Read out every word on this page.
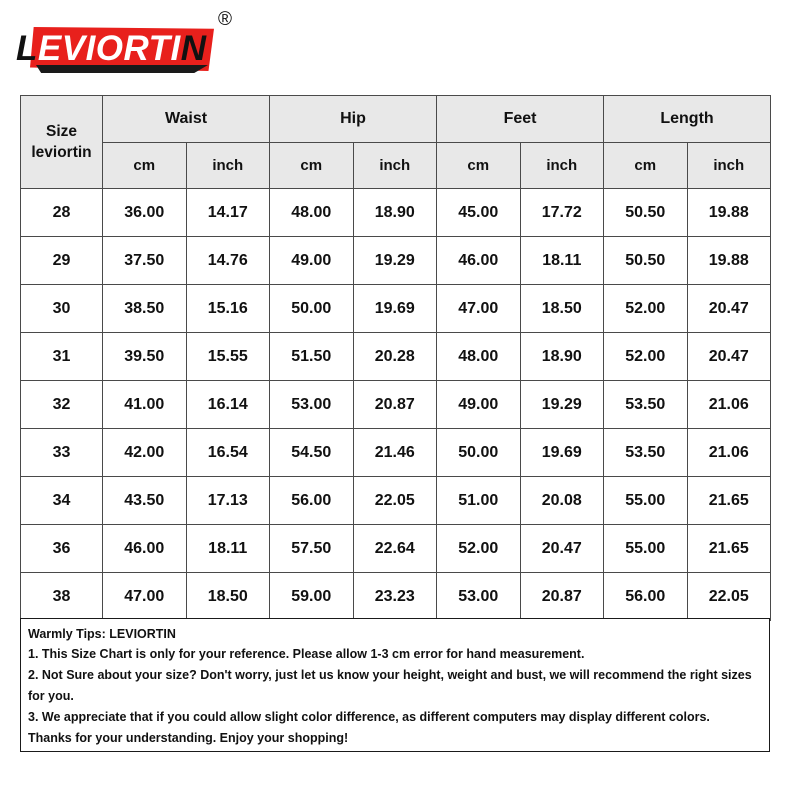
®
LEVIORTIN
Size
leviortin	Waist		Hip		Feet		Length	
	cm	inch	cm	inch	cm	inch	cm	inch
28	36.00	14.17	48.00	18.90	45.00	17.72	50.50	19.88
29	37.50	14.76	49.00	19.29	46.00	18.11	50.50	19.88
30	38.50	15.16	50.00	19.69	47.00	18.50	52.00	20.47
31	39.50	15.55	51.50	20.28	48.00	18.90	52.00	20.47
32	41.00	16.14	53.00	20.87	49.00	19.29	53.50	21.06
33	42.00	16.54	54.50	21.46	50.00	19.69	53.50	21.06
34	43.50	17.13	56.00	22.05	51.00	20.08	55.00	21.65
36	46.00	18.11	57.50	22.64	52.00	20.47	55.00	21.65
38	47.00	18.50	59.00	23.23	53.00	20.87	56.00	22.05
Warmly Tips: LEVIORTIN
1. This Size Chart is only for your reference. Please allow 1-3 cm error for hand measurement.
2. Not Sure about your size? Don't worry, just let us know your height, weight and bust, we will recommend the right sizes
for you.
3. We appreciate that if you could allow slight color difference, as different computers may display different colors.
Thanks for your understanding. Enjoy your shopping!
